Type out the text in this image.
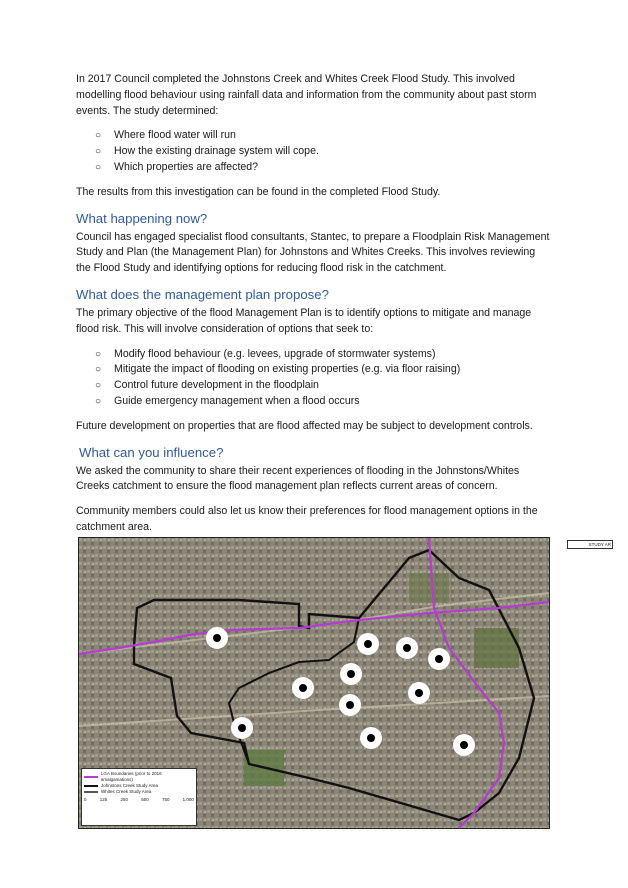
In 2017 Council completed the Johnstons Creek and Whites Creek Flood Study. This involved modelling flood behaviour using rainfall data and information from the community about past storm events. The study determined:

○ Where flood water will run
○ How the existing drainage system will cope.
○ Which properties are affected?

The results from this investigation can be found in the completed Flood Study.

What happening now?

Council has engaged specialist flood consultants, Stantec, to prepare a Floodplain Risk Management Study and Plan (the Management Plan) for Johnstons and Whites Creeks. This involves reviewing the Flood Study and identifying options for reducing flood risk in the catchment.

What does the management plan propose?

The primary objective of the flood Management Plan is to identify options to mitigate and manage flood risk. This will involve consideration of options that seek to:

○ Modify flood behaviour (e.g. levees, upgrade of stormwater systems)
○ Mitigate the impact of flooding on existing properties (e.g. via floor raising)
○ Control future development in the floodplain
○ Guide emergency management when a flood occurs

Future development on properties that are flood affected may be subject to development controls.

What can you influence?

We asked the community to share their recent experiences of flooding in the Johnstons/Whites Creeks catchment to ensure the flood management plan reflects current areas of concern.

Community members could also let us know their preferences for flood management options in the catchment area.

STUDY AR
LGA Boundaries (prior to 2016 amalgamations)
Johnstons Creek Study Area
Whites Creek Study Area
0	125	250	500	750	1,000
